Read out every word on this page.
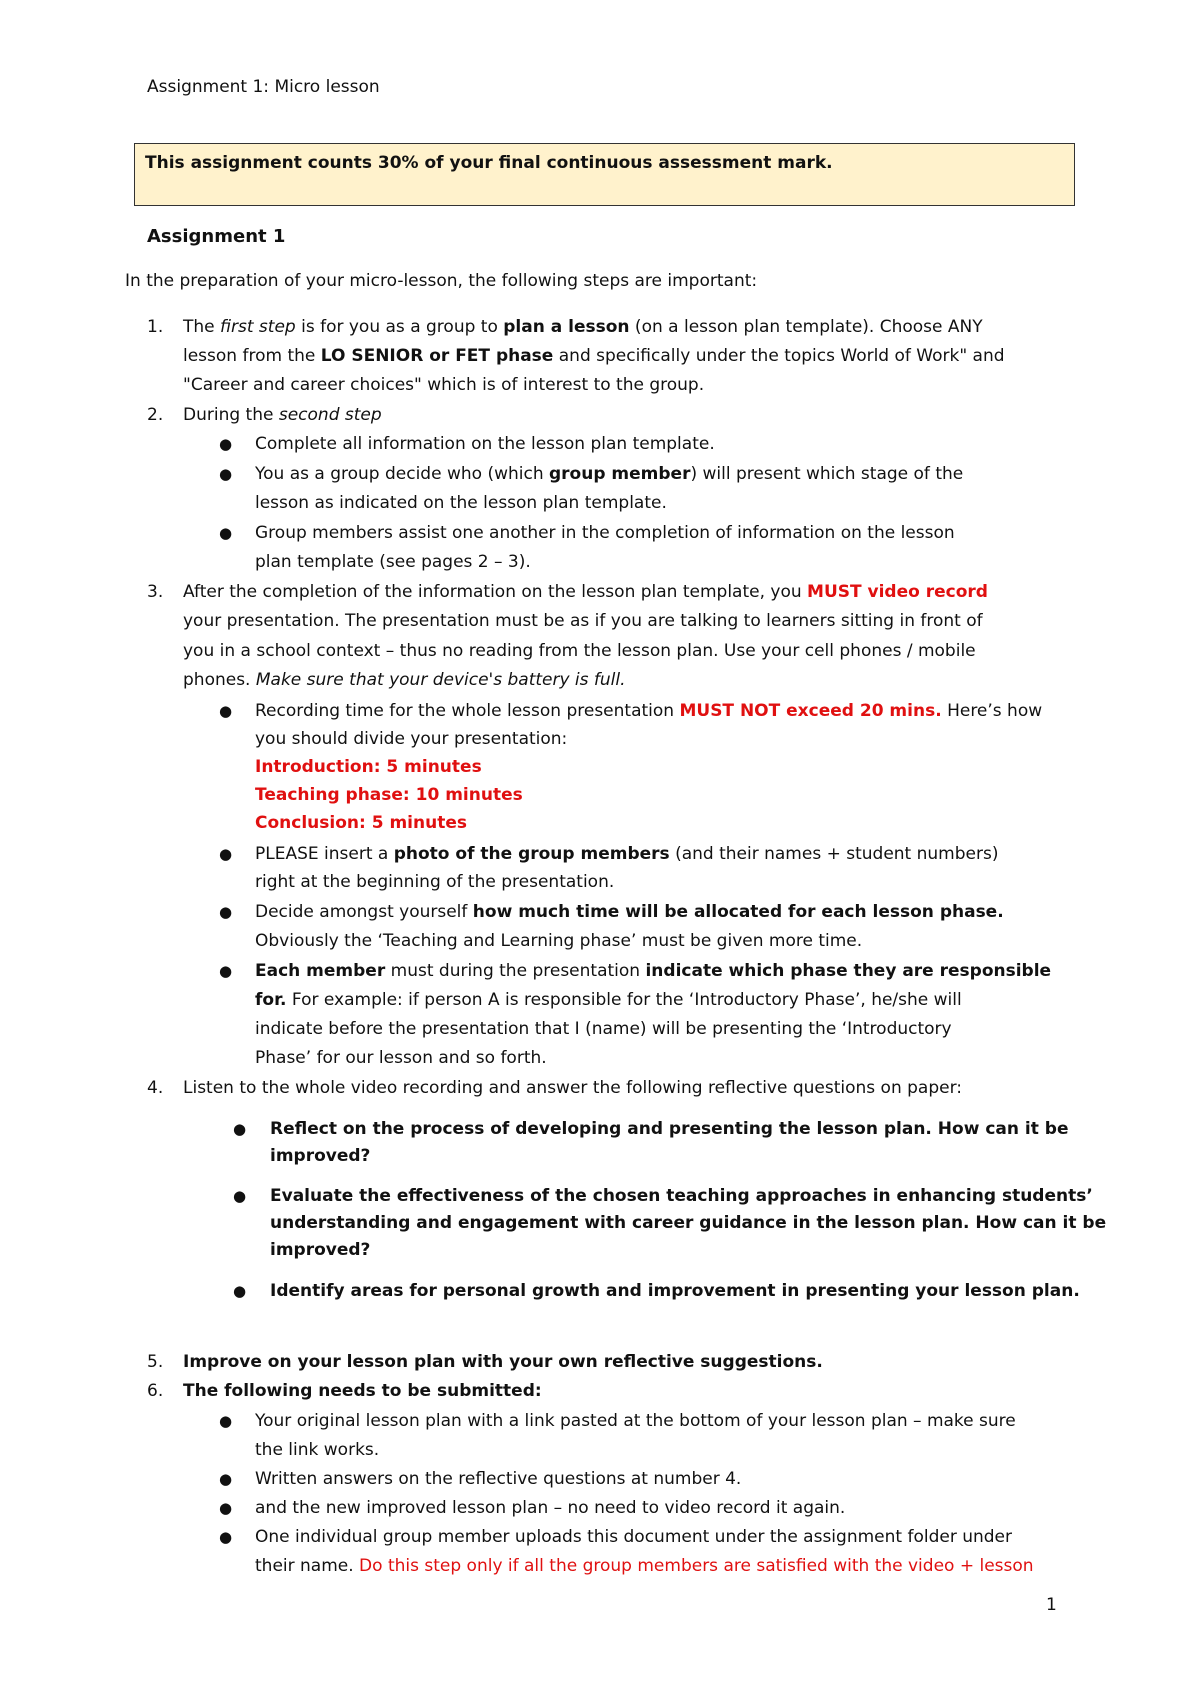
Assignment 1: Micro lesson
This assignment counts 30% of your final continuous assessment mark.
Assignment 1
In the preparation of your micro-lesson, the following steps are important:
1. The first step is for you as a group to plan a lesson (on a lesson plan template). Choose ANY
lesson from the LO SENIOR or FET phase and specifically under the topics World of Work" and
"Career and career choices" which is of interest to the group.
2. During the second step
● Complete all information on the lesson plan template.
● You as a group decide who (which group member) will present which stage of the
lesson as indicated on the lesson plan template.
● Group members assist one another in the completion of information on the lesson
plan template (see pages 2 – 3).
3. After the completion of the information on the lesson plan template, you MUST video record
your presentation. The presentation must be as if you are talking to learners sitting in front of
you in a school context – thus no reading from the lesson plan. Use your cell phones / mobile
phones. Make sure that your device's battery is full.
● Recording time for the whole lesson presentation MUST NOT exceed 20 mins. Here’s how
you should divide your presentation:
Introduction: 5 minutes
Teaching phase: 10 minutes
Conclusion: 5 minutes
● PLEASE insert a photo of the group members (and their names + student numbers)
right at the beginning of the presentation.
● Decide amongst yourself how much time will be allocated for each lesson phase.
Obviously the ‘Teaching and Learning phase’ must be given more time.
● Each member must during the presentation indicate which phase they are responsible
for. For example: if person A is responsible for the ‘Introductory Phase’, he/she will
indicate before the presentation that I (name) will be presenting the ‘Introductory
Phase’ for our lesson and so forth.
4. Listen to the whole video recording and answer the following reflective questions on paper:
● Reflect on the process of developing and presenting the lesson plan. How can it be
improved?
● Evaluate the effectiveness of the chosen teaching approaches in enhancing students’
understanding and engagement with career guidance in the lesson plan. How can it be
improved?
● Identify areas for personal growth and improvement in presenting your lesson plan.
5. Improve on your lesson plan with your own reflective suggestions.
6. The following needs to be submitted:
● Your original lesson plan with a link pasted at the bottom of your lesson plan – make sure
the link works.
● Written answers on the reflective questions at number 4.
● and the new improved lesson plan – no need to video record it again.
● One individual group member uploads this document under the assignment folder under
their name. Do this step only if all the group members are satisfied with the video + lesson
1
